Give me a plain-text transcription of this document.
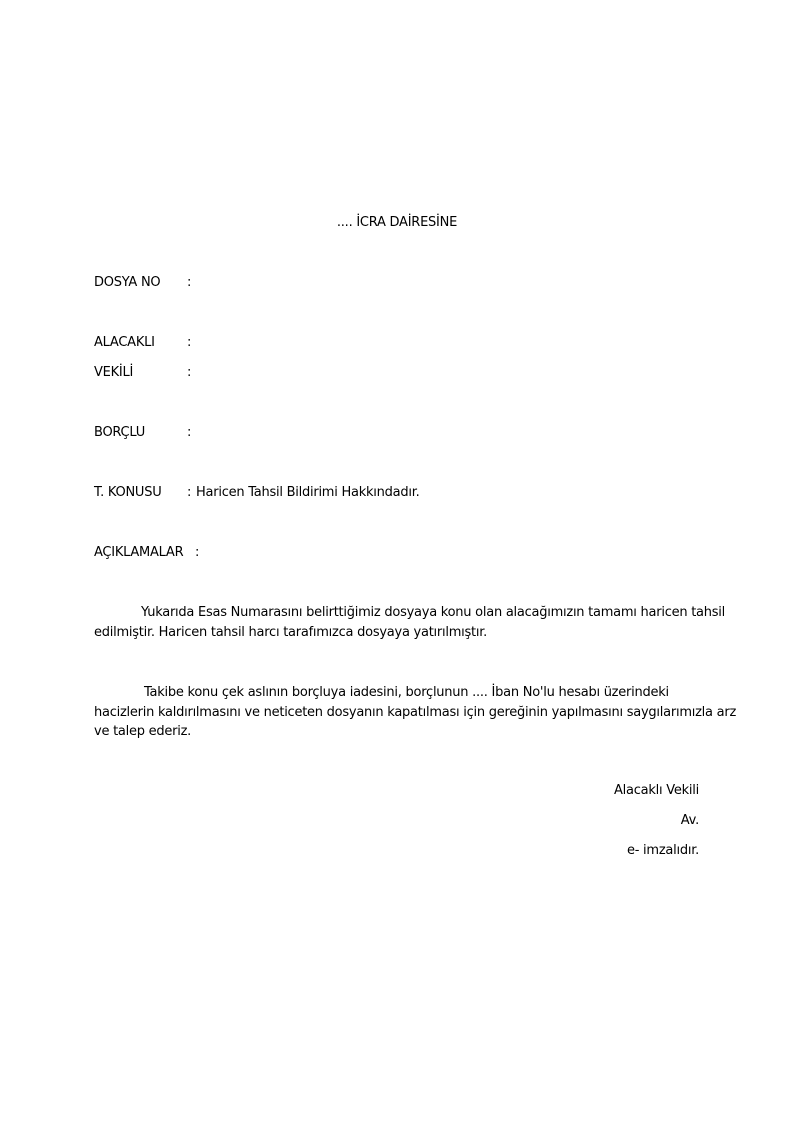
.... İCRA DAİRESİNE
DOSYA NO :
ALACAKLI :
VEKİLİ	:
BORÇLU	:
T. KONUSU : Haricen Tahsil Bildirimi Hakkındadır.
AÇIKLAMALAR :
Yukarıda Esas Numarasını belirttiğimiz dosyaya konu olan alacağımızın tamamı haricen tahsil
edilmiştir. Haricen tahsil harcı tarafımızca dosyaya yatırılmıştır.
Takibe konu çek aslının borçluya iadesini, borçlunun .... İban No'lu hesabı üzerindeki
hacizlerin kaldırılmasını ve neticeten dosyanın kapatılması için gereğinin yapılmasını saygılarımızla arz
ve talep ederiz.
Alacaklı Vekili
Av.
e- imzalıdır.
